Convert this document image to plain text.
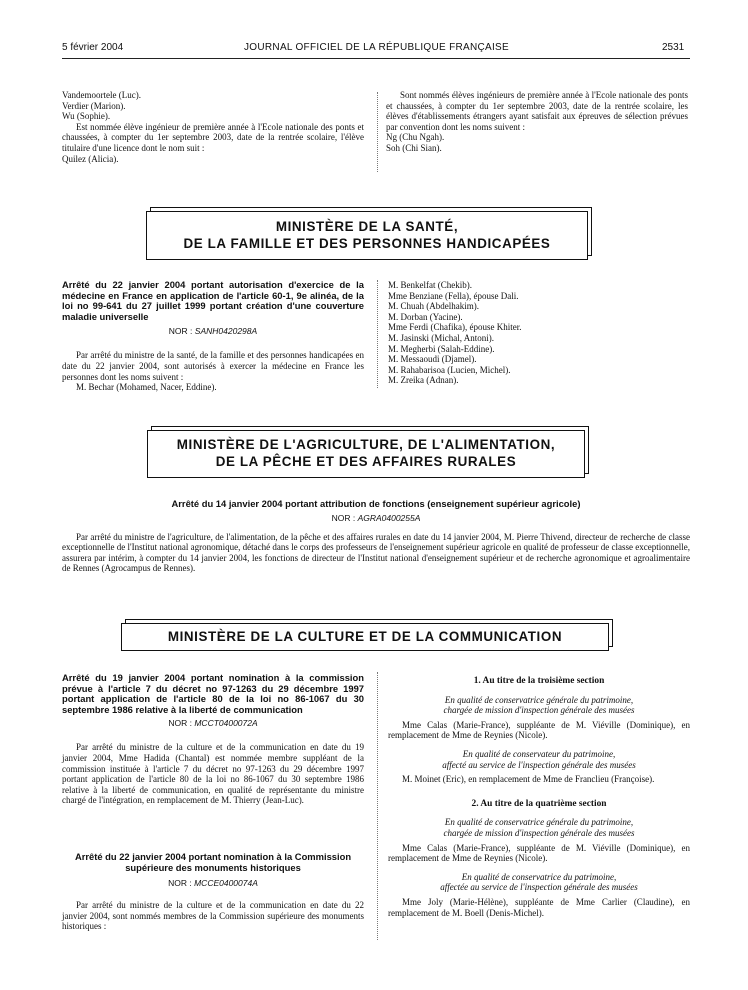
5 février 2004	JOURNAL OFFICIEL DE LA RÉPUBLIQUE FRANÇAISE	2531

Vandemoortele (Luc).

Verdier (Marion).

Wu (Sophie).

Est nommée élève ingénieur de première année à l'Ecole nationale des ponts et chaussées, à compter du 1er septembre 2003, date de la rentrée scolaire, l'élève titulaire d'une licence dont le nom suit :

Quilez (Alicia).

Sont nommés élèves ingénieurs de première année à l'Ecole nationale des ponts et chaussées, à compter du 1er septembre 2003, date de la rentrée scolaire, les élèves d'établissements étrangers ayant satisfait aux épreuves de sélection prévues par convention dont les noms suivent :

Ng (Chu Ngah).

Soh (Chi Sian).

MINISTÈRE DE LA SANTÉ,
DE LA FAMILLE ET DES PERSONNES HANDICAPÉES
Arrêté du 22 janvier 2004 portant autorisation d'exercice de la médecine en France en application de l'article 60-1, 9e alinéa, de la loi no 99-641 du 27 juillet 1999 portant création d'une couverture maladie universelle
NOR : SANH0420298A

Par arrêté du ministre de la santé, de la famille et des personnes handicapées en date du 22 janvier 2004, sont autorisés à exercer la médecine en France les personnes dont les noms suivent :

M. Bechar (Mohamed, Nacer, Eddine).

M. Benkelfat (Chekib).

Mme Benziane (Fella), épouse Dali.

M. Chuah (Abdelhakim).

M. Dorban (Yacine).

Mme Ferdi (Chafika), épouse Khiter.

M. Jasinski (Michal, Antoni).

M. Megherbi (Salah-Eddine).

M. Messaoudi (Djamel).

M. Rahabarisoa (Lucien, Michel).

M. Zreika (Adnan).

MINISTÈRE DE L'AGRICULTURE, DE L'ALIMENTATION,
DE LA PÊCHE ET DES AFFAIRES RURALES
Arrêté du 14 janvier 2004 portant attribution de fonctions (enseignement supérieur agricole)
NOR : AGRA0400255A

Par arrêté du ministre de l'agriculture, de l'alimentation, de la pêche et des affaires rurales en date du 14 janvier 2004, M. Pierre Thivend, directeur de recherche de classe exceptionnelle de l'Institut national agronomique, détaché dans le corps des professeurs de l'enseignement supérieur agricole en qualité de professeur de classe exceptionnelle, assurera par intérim, à compter du 14 janvier 2004, les fonctions de directeur de l'Institut national d'enseignement supérieur et de recherche agronomique et agroalimentaire de Rennes (Agrocampus de Rennes).

MINISTÈRE DE LA CULTURE ET DE LA COMMUNICATION
Arrêté du 19 janvier 2004 portant nomination à la commission prévue à l'article 7 du décret no 97-1263 du 29 décembre 1997 portant application de l'article 80 de la loi no 86-1067 du 30 septembre 1986 relative à la liberté de communication
NOR : MCCT0400072A

Par arrêté du ministre de la culture et de la communication en date du 19 janvier 2004, Mme Hadida (Chantal) est nommée membre suppléant de la commission instituée à l'article 7 du décret no 97-1263 du 29 décembre 1997 portant application de l'article 80 de la loi no 86-1067 du 30 septembre 1986 relative à la liberté de communication, en qualité de représentante du ministre chargé de l'intégration, en remplacement de M. Thierry (Jean-Luc).

Arrêté du 22 janvier 2004 portant nomination à la Commission supérieure des monuments historiques
NOR : MCCE0400074A

Par arrêté du ministre de la culture et de la communication en date du 22 janvier 2004, sont nommés membres de la Commission supérieure des monuments historiques :

1. Au titre de la troisième section

En qualité de conservatrice générale du patrimoine,

chargée de mission d'inspection générale des musées

Mme Calas (Marie-France), suppléante de M. Viéville (Dominique), en remplacement de Mme de Reynies (Nicole).

En qualité de conservateur du patrimoine,

affecté au service de l'inspection générale des musées

M. Moinet (Eric), en remplacement de Mme de Franclieu (Françoise).

2. Au titre de la quatrième section

En qualité de conservatrice générale du patrimoine,

chargée de mission d'inspection générale des musées

Mme Calas (Marie-France), suppléante de M. Viéville (Dominique), en remplacement de Mme de Reynies (Nicole).

En qualité de conservatrice du patrimoine,

affectée au service de l'inspection générale des musées

Mme Joly (Marie-Hélène), suppléante de Mme Carlier (Claudine), en remplacement de M. Boell (Denis-Michel).
